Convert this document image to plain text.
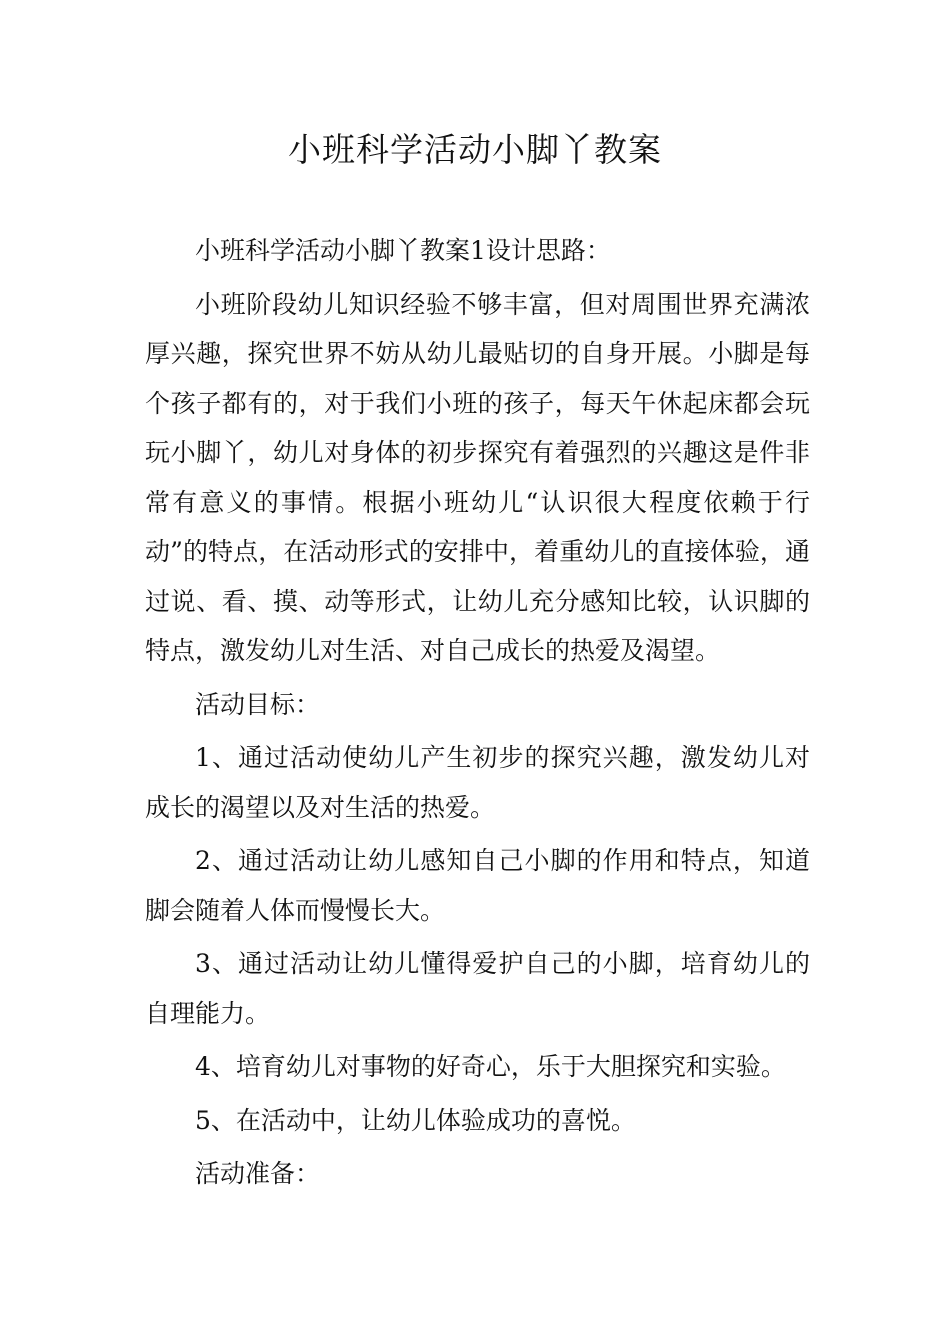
小班科学活动小脚丫教案

小班科学活动小脚丫教案1设计思路：

小班阶段幼儿知识经验不够丰富，但对周围世界充满浓厚兴趣，探究世界不妨从幼儿最贴切的自身开展。小脚是每个孩子都有的，对于我们小班的孩子，每天午休起床都会玩玩小脚丫，幼儿对身体的初步探究有着强烈的兴趣这是件非常有意义的事情。根据小班幼儿“认识很大程度依赖于行动”的特点，在活动形式的安排中，着重幼儿的直接体验，通过说、看、摸、动等形式，让幼儿充分感知比较，认识脚的特点，激发幼儿对生活、对自己成长的热爱及渴望。

活动目标：

1、通过活动使幼儿产生初步的探究兴趣，激发幼儿对成长的渴望以及对生活的热爱。

2、通过活动让幼儿感知自己小脚的作用和特点，知道脚会随着人体而慢慢长大。

3、通过活动让幼儿懂得爱护自己的小脚，培育幼儿的自理能力。

4、培育幼儿对事物的好奇心，乐于大胆探究和实验。

5、在活动中，让幼儿体验成功的喜悦。

活动准备：
